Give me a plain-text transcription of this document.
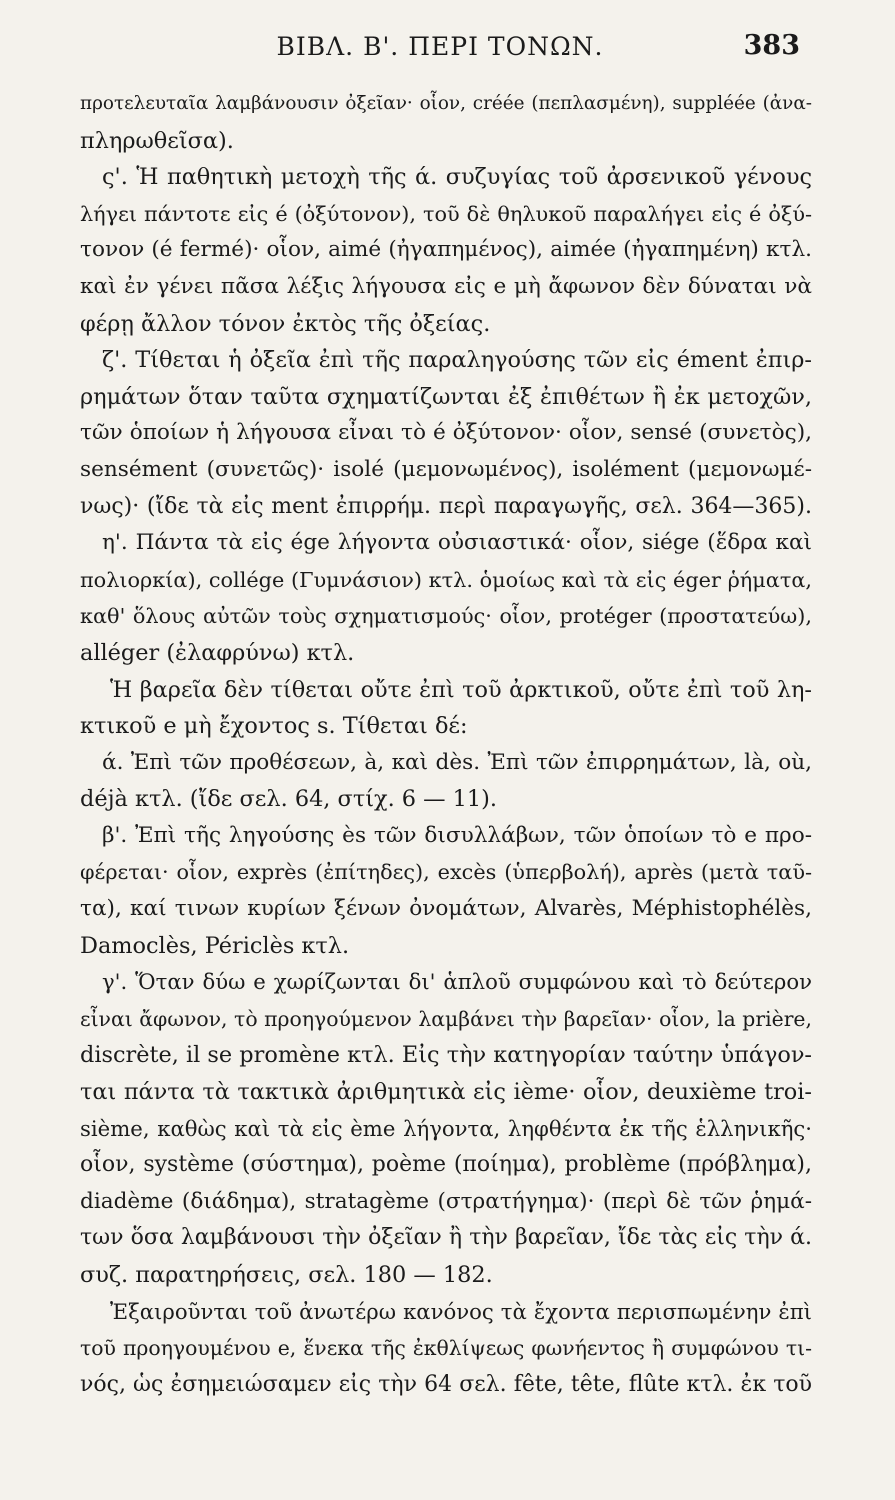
BIBΛ. Β'. ΠΕΡΙ ΤΟΝΩΝ.	383
προτελευταῖα λαμβάνουσιν ὀξεῖαν· οἷον, créée (πεπλασμένη), suppléée (ἀνα-
πληρωθεῖσα).
ς'. Ἡ παθητικὴ μετοχὴ τῆς ά. συζυγίας τοῦ ἀρσενικοῦ γένους
λήγει πάντοτε εἰς é (ὀξύτονον), τοῦ δὲ θηλυκοῦ παραλήγει εἰς é ὀξύ-
τονον (é fermé)· οἷον, aimé (ἠγαπημένος), aimée (ἠγαπημένη) κτλ.
καὶ ἐν γένει πᾶσα λέξις λήγουσα εἰς e μὴ ἄφωνον δὲν δύναται νὰ
φέρῃ ἄλλον τόνον ἐκτὸς τῆς ὀξείας.
ζ'. Τίθεται ἡ ὀξεῖα ἐπὶ τῆς παραληγούσης τῶν εἰς ément ἐπιρ-
ρημάτων ὅταν ταῦτα σχηματίζωνται ἐξ ἐπιθέτων ἢ ἐκ μετοχῶν,
τῶν ὁποίων ἡ λήγουσα εἶναι τὸ é ὀξύτονον· οἷον, sensé (συνετὸς),
sensément (συνετῶς)· isolé (μεμονωμένος), isolément (μεμονωμέ-
νως)· (ἴδε τὰ εἰς ment ἐπιρρήμ. περὶ παραγωγῆς, σελ. 364—365).
η'. Πάντα τὰ εἰς ége λήγοντα οὐσιαστικά· οἷον, siége (ἕδρα καὶ
πολιορκία), collége (Γυμνάσιον) κτλ. ὁμοίως καὶ τὰ εἰς éger ῥήματα,
καθ' ὅλους αὐτῶν τοὺς σχηματισμούς· οἷον, protéger (προστατεύω),
alléger (ἐλαφρύνω) κτλ.
Ἡ βαρεῖα δὲν τίθεται οὔτε ἐπὶ τοῦ ἀρκτικοῦ, οὔτε ἐπὶ τοῦ λη-
κτικοῦ e μὴ ἔχοντος s. Τίθεται δέ:
ά. Ἐπὶ τῶν προθέσεων, à, καὶ dès. Ἐπὶ τῶν ἐπιρρημάτων, là, où,
déjà κτλ. (ἴδε σελ. 64, στίχ. 6 — 11).
β'. Ἐπὶ τῆς ληγούσης ès τῶν δισυλλάβων, τῶν ὁποίων τὸ e προ-
φέρεται· οἷον, exprès (ἐπίτηδες), excès (ὑπερβολή), après (μετὰ ταῦ-
τα), καί τινων κυρίων ξένων ὀνομάτων, Alvarès, Méphistophélès,
Damoclès, Périclès κτλ.
γ'. Ὅταν δύω e χωρίζωνται δι' ἁπλοῦ συμφώνου καὶ τὸ δεύτερον
εἶναι ἄφωνον, τὸ προηγούμενον λαμβάνει τὴν βαρεῖαν· οἷον, la prière,
discrète, il se promène κτλ. Εἰς τὴν κατηγορίαν ταύτην ὑπάγον-
ται πάντα τὰ τακτικὰ ἀριθμητικὰ εἰς ième· οἷον, deuxième troi-
sième, καθὼς καὶ τὰ εἰς ème λήγοντα, ληφθέντα ἐκ τῆς ἑλληνικῆς·
οἷον, système (σύστημα), poème (ποίημα), problème (πρόβλημα),
diadème (διάδημα), stratagème (στρατήγημα)· (περὶ δὲ τῶν ῥημά-
των ὅσα λαμβάνουσι τὴν ὀξεῖαν ἢ τὴν βαρεῖαν, ἴδε τὰς εἰς τὴν ά.
συζ. παρατηρήσεις, σελ. 180 — 182.
Ἐξαιροῦνται τοῦ ἀνωτέρω κανόνος τὰ ἔχοντα περισπωμένην ἐπὶ
τοῦ προηγουμένου e, ἕνεκα τῆς ἐκθλίψεως φωνήεντος ἢ συμφώνου τι-
νός, ὡς ἐσημειώσαμεν εἰς τὴν 64 σελ. fête, tête, flûte κτλ. ἐκ τοῦ
